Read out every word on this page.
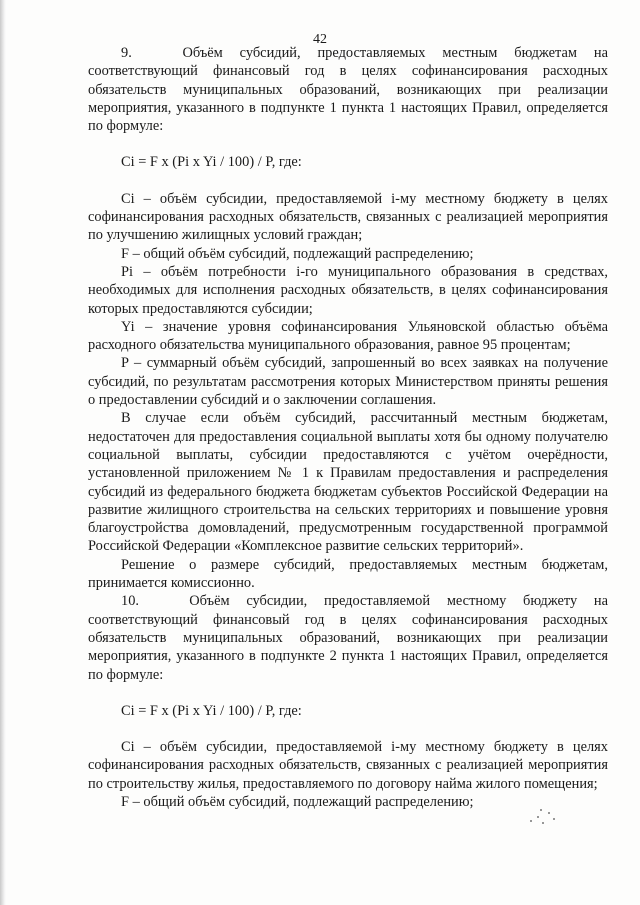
42

9.   Объём субсидий, предоставляемых местным бюджетам на соответствующий финансовый год в целях софинансирования расходных обязательств муниципальных образований, возникающих при реализации мероприятия, указанного в подпункте 1 пункта 1 настоящих Правил, определяется по формуле:

Ci = F x (Pi x Yi / 100) / P, где:

Ci – объём субсидии, предоставляемой i-му местному бюджету в целях софинансирования расходных обязательств, связанных с реализацией мероприятия по улучшению жилищных условий граждан;

F – общий объём субсидий, подлежащий распределению;

Pi – объём потребности i-го муниципального образования в средствах, необходимых для исполнения расходных обязательств, в целях софинансирования которых предоставляются субсидии;

Yi – значение уровня софинансирования Ульяновской областью объёма расходного обязательства муниципального образования, равное 95 процентам;

P – суммарный объём субсидий, запрошенный во всех заявках на получение субсидий, по результатам рассмотрения которых Министерством приняты решения о предоставлении субсидий и о заключении соглашения.

В случае если объём субсидий, рассчитанный местным бюджетам, недостаточен для предоставления социальной выплаты хотя бы одному получателю социальной выплаты, субсидии предоставляются с учётом очерёдности, установленной приложением № 1 к Правилам предоставления и распределения субсидий из федерального бюджета бюджетам субъектов Российской Федерации на развитие жилищного строительства на сельских территориях и повышение уровня благоустройства домовладений, предусмотренным государственной программой Российской Федерации «Комплексное развитие сельских территорий».

Решение о размере субсидий, предоставляемых местным бюджетам, принимается комиссионно.

10.   Объём субсидии, предоставляемой местному бюджету на соответствующий финансовый год в целях софинансирования расходных обязательств муниципальных образований, возникающих при реализации мероприятия, указанного в подпункте 2 пункта 1 настоящих Правил, определяется по формуле:

Ci = F x (Pi x Yi / 100) / P, где:

Ci – объём субсидии, предоставляемой i-му местному бюджету в целях софинансирования расходных обязательств, связанных с реализацией мероприятия по строительству жилья, предоставляемого по договору найма жилого помещения;

F – общий объём субсидий, подлежащий распределению;
